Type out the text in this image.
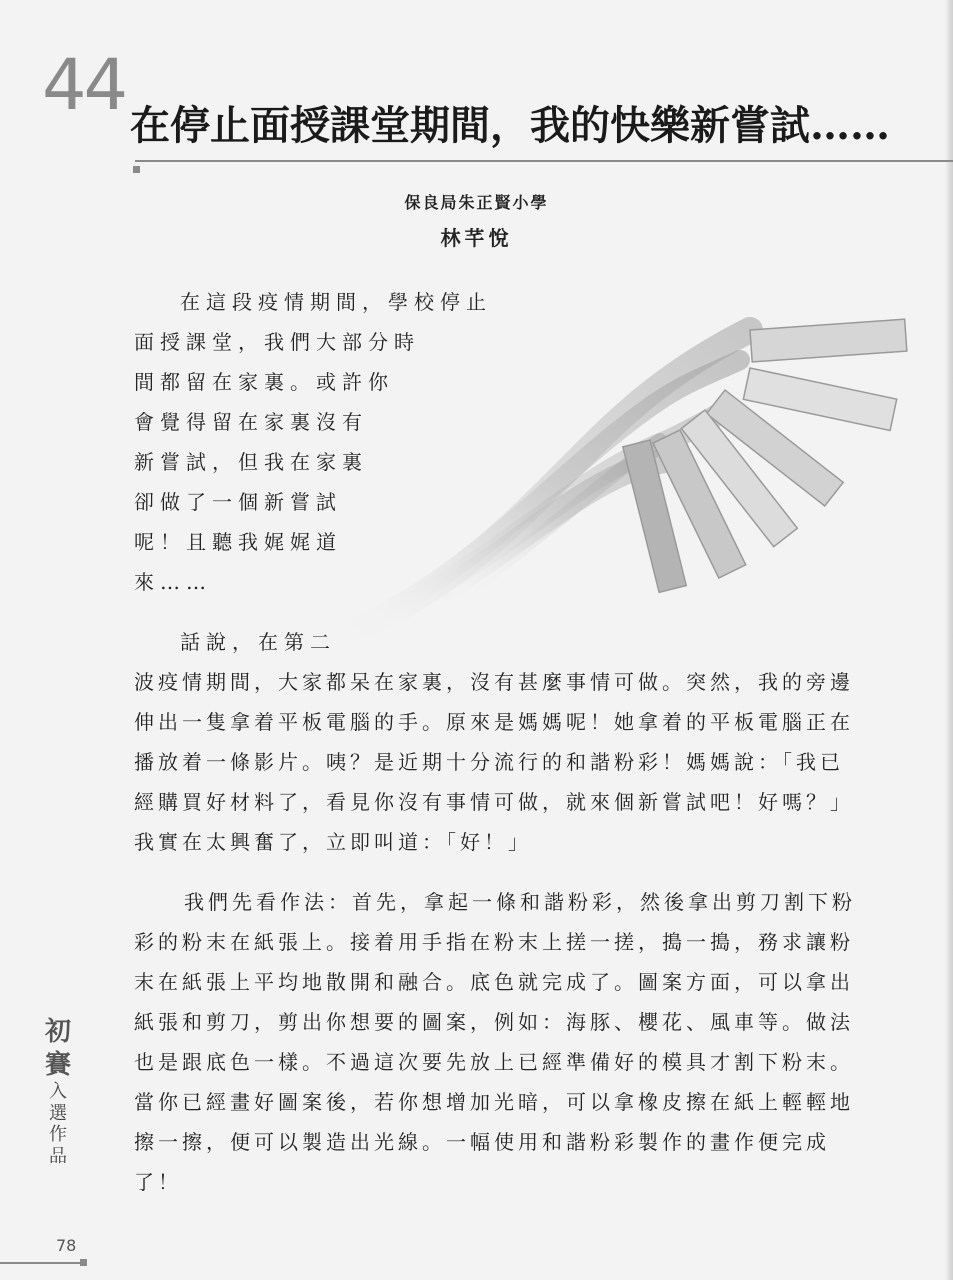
44 在停止面授課堂期間，我的快樂新嘗試……
保良局朱正賢小學
林芊悅
在這段疫情期間，學校停止
面授課堂，我們大部分時
間都留在家裏。或許你
會覺得留在家裏沒有
新嘗試，但我在家裏
卻做了一個新嘗試
呢！且聽我娓娓道
來……
話說，在第二
波疫情期間，大家都呆在家裏，沒有甚麼事情可做。突然，我的旁邊
伸出一隻拿着平板電腦的手。原來是媽媽呢！她拿着的平板電腦正在
播放着一條影片。咦？是近期十分流行的和諧粉彩！媽媽說：「我已
經購買好材料了，看見你沒有事情可做，就來個新嘗試吧！好嗎？」
我實在太興奮了，立即叫道：「好！」
我們先看作法：首先，拿起一條和諧粉彩，然後拿出剪刀割下粉
彩的粉末在紙張上。接着用手指在粉末上搓一搓，搗一搗，務求讓粉
末在紙張上平均地散開和融合。底色就完成了。圖案方面，可以拿出
紙張和剪刀，剪出你想要的圖案，例如：海豚、櫻花、風車等。做法
也是跟底色一樣。不過這次要先放上已經準備好的模具才割下粉末。
當你已經畫好圖案後，若你想增加光暗，可以拿橡皮擦在紙上輕輕地
擦一擦，便可以製造出光線。一幅使用和諧粉彩製作的畫作便完成
了！
初
賽
入
選
作
品
78
